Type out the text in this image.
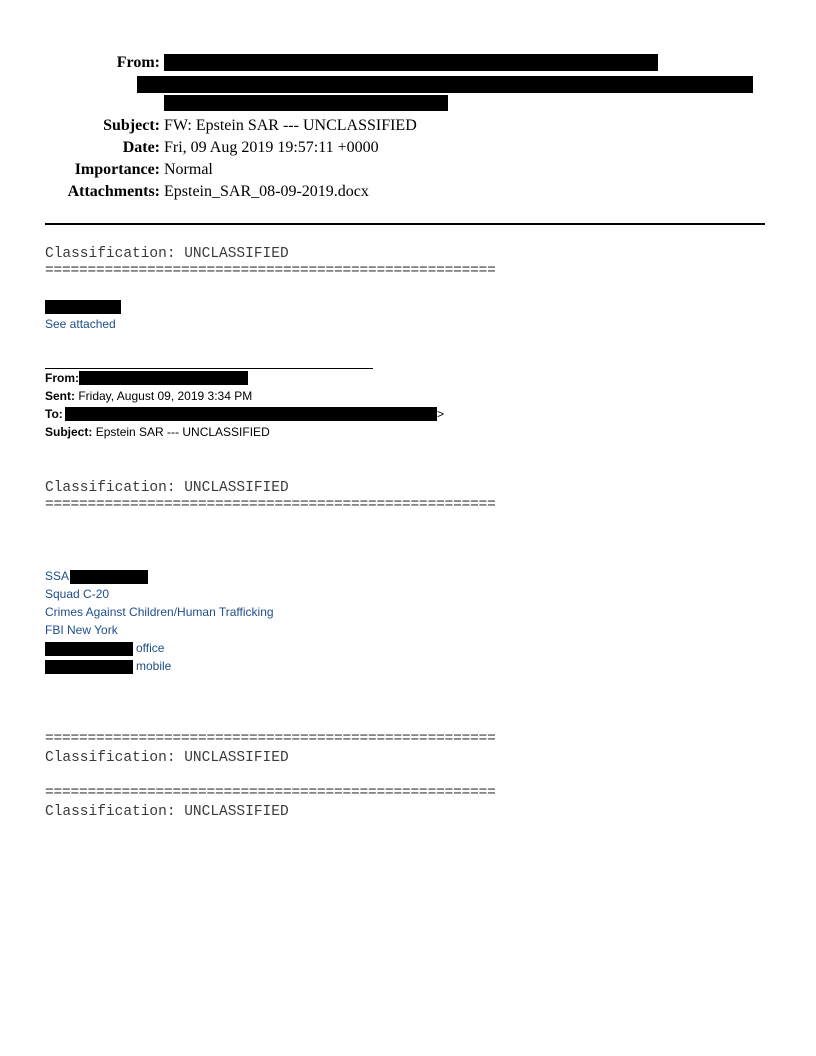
From:
Subject: FW: Epstein SAR --- UNCLASSIFIED
Date: Fri, 09 Aug 2019 19:57:11 +0000
Importance: Normal
Attachments: Epstein_SAR_08-09-2019.docx
Classification: UNCLASSIFIED
=====================================================
See attached
From:
Sent: Friday, August 09, 2019 3:34 PM
To:	>
Subject: Epstein SAR --- UNCLASSIFIED
Classification: UNCLASSIFIED
=====================================================
SSA
Squad C-20
Crimes Against Children/Human Trafficking
FBI New York
office
mobile
=====================================================
Classification: UNCLASSIFIED
=====================================================
Classification: UNCLASSIFIED
